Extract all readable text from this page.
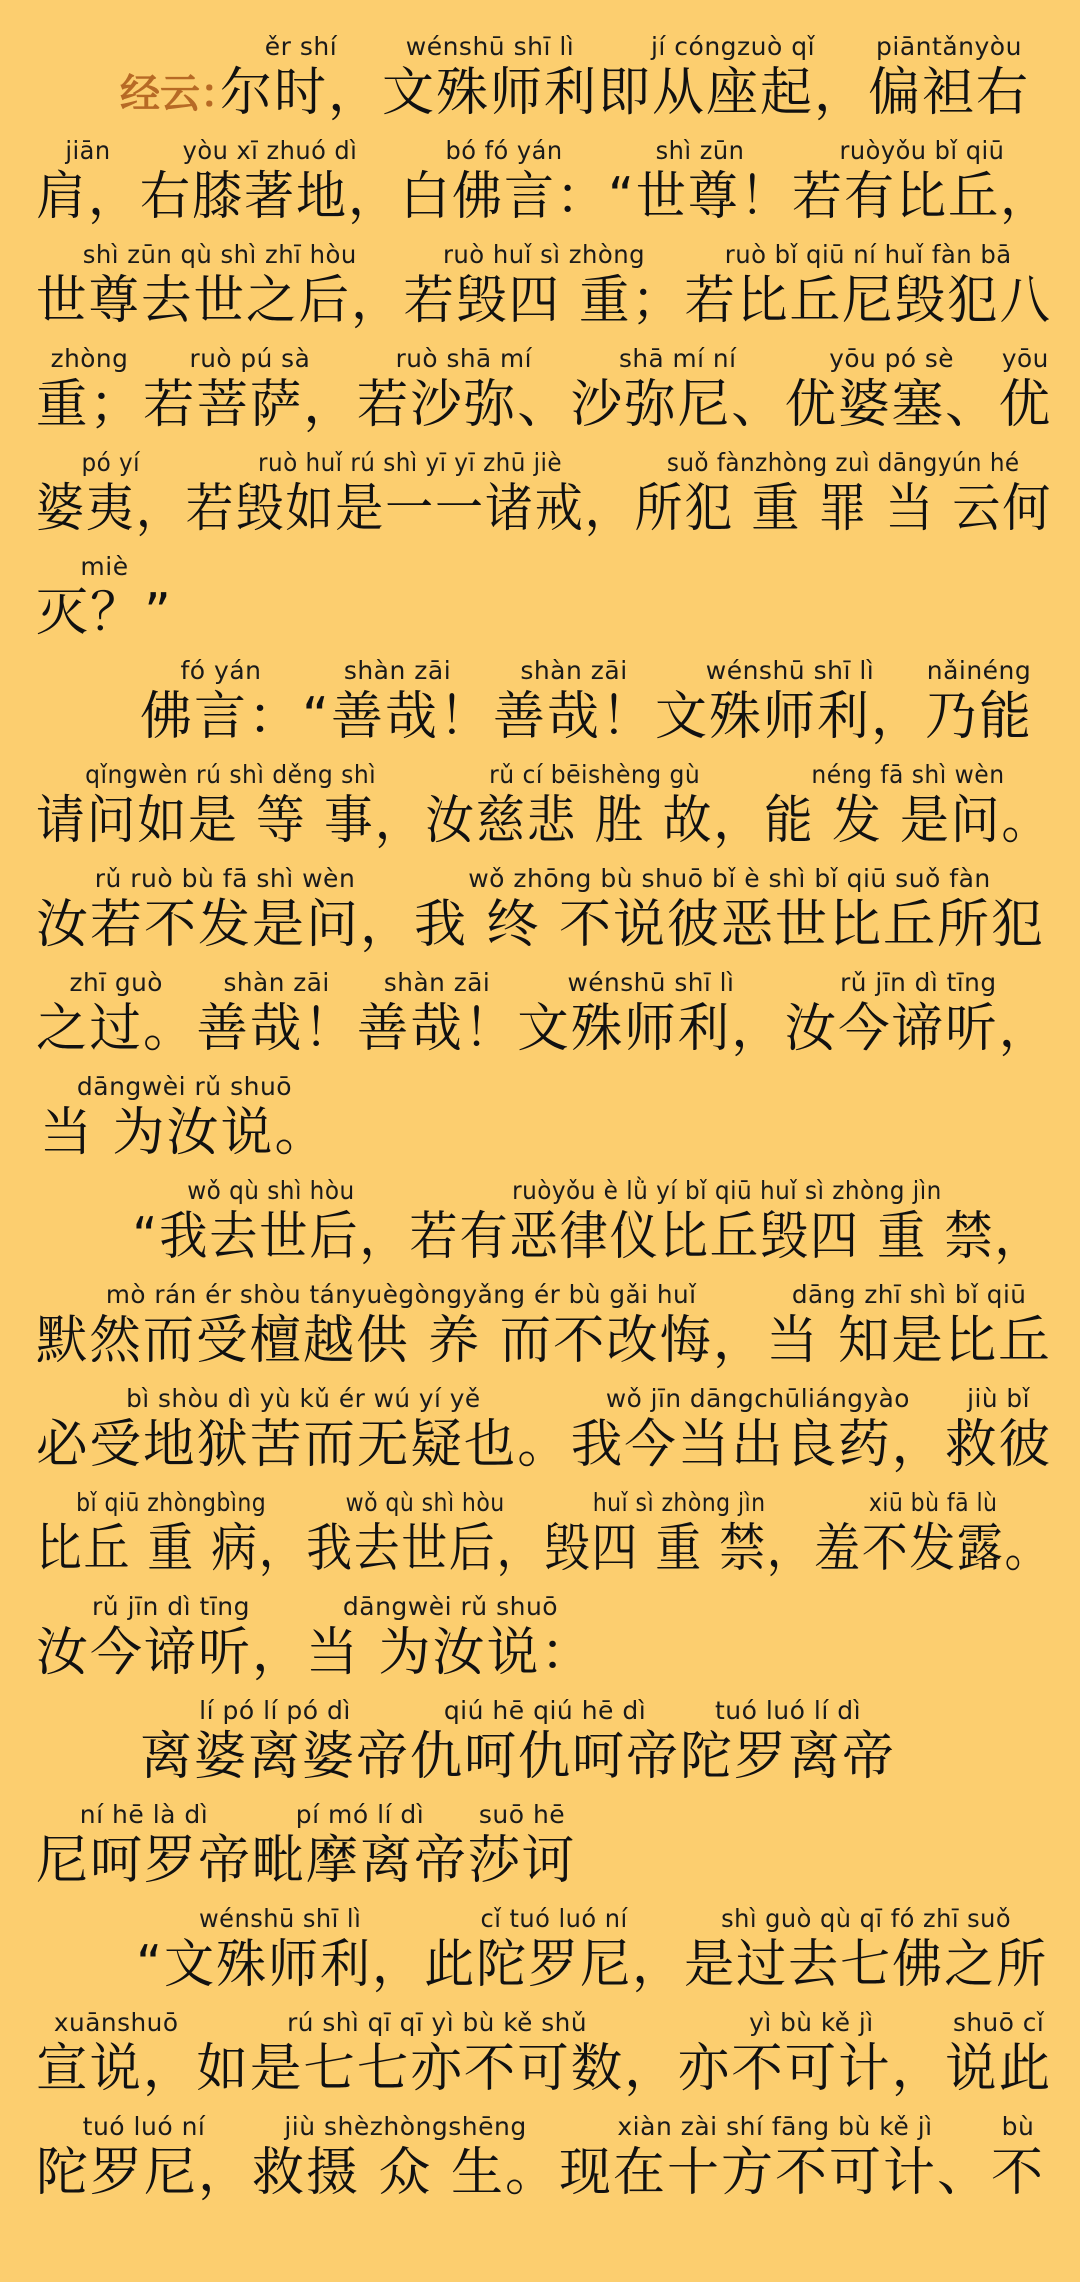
经云：
ěr shí
尔时，
wénshū shī lì
文殊师利
jí cóngzuò qǐ
即从座起，
piāntǎnyòu
偏袒右
jiān
肩，
yòu xī zhuó dì
右膝著地，
bó fó yán
白佛言：
shì zūn
“世尊！
ruòyǒu bǐ qiū
若有比丘，
shì zūn qù shì zhī hòu
世尊去世之后，
ruò huǐ sì zhòng
若毁四 重；
ruò bǐ qiū ní huǐ fàn bā
若比丘尼毁犯八
zhòng
重；
ruò pú sà
若菩萨，
ruò shā mí
若沙弥、
shā mí ní
沙弥尼、
yōu pó sè
优婆塞、
yōu
优
pó yí
婆夷，
ruò huǐ rú shì yī yī zhū jiè
若毁如是一一诸戒，
suǒ fànzhòng zuì dāngyún hé
所犯 重 罪 当 云何
miè
灭？”
fó yán
佛言：
shàn zāi
“善哉！
shàn zāi
善哉！
wénshū shī lì
文殊师利，
nǎinéng
乃能
qǐngwèn rú shì děng shì
请问如是 等 事，
rǔ cí bēishèng gù
汝慈悲 胜 故，
néng fā shì wèn
能 发 是问。
rǔ ruò bù fā shì wèn
汝若不发是问，
wǒ zhōng bù shuō bǐ è shì bǐ qiū suǒ fàn
我 终 不说彼恶世比丘所犯
zhī guò
之过。
shàn zāi
善哉！
shàn zāi
善哉！
wénshū shī lì
文殊师利，
rǔ jīn dì tīng
汝今谛听，
dāngwèi rǔ shuō
当 为汝说。
wǒ qù shì hòu
“我去世后，
ruòyǒu è lǜ yí bǐ qiū huǐ sì zhòng jìn
若有恶律仪比丘毁四 重 禁，
mò rán ér shòu tányuègòngyǎng ér bù gǎi huǐ
默然而受檀越供 养 而不改悔，
dāng zhī shì bǐ qiū
当 知是比丘
bì shòu dì yù kǔ ér wú yí yě
必受地狱苦而无疑也。
wǒ jīn dāngchūliángyào
我今当出良药，
jiù bǐ
救彼
bǐ qiū zhòngbìng
比丘 重 病，
wǒ qù shì hòu
我去世后，
huǐ sì zhòng jìn
毁四 重 禁，
xiū bù fā lù
羞不发露。
rǔ jīn dì tīng
汝今谛听，
dāngwèi rǔ shuō
当 为汝说：
lí pó lí pó dì
离婆离婆帝
qiú hē qiú hē dì
仇呵仇呵帝
tuó luó lí dì
陀罗离帝
ní hē là dì
尼呵罗帝
pí mó lí dì
毗摩离帝
suō hē
莎诃
wénshū shī lì
“文殊师利，
cǐ tuó luó ní
此陀罗尼，
shì guò qù qī fó zhī suǒ
是过去七佛之所
xuānshuō
宣说，
rú shì qī qī yì bù kě shǔ
如是七七亦不可数，
yì bù kě jì
亦不可计，
shuō cǐ
说此
tuó luó ní
陀罗尼，
jiù shèzhòngshēng
救摄 众 生。
xiàn zài shí fāng bù kě jì
现在十方不可计、
bù
不
